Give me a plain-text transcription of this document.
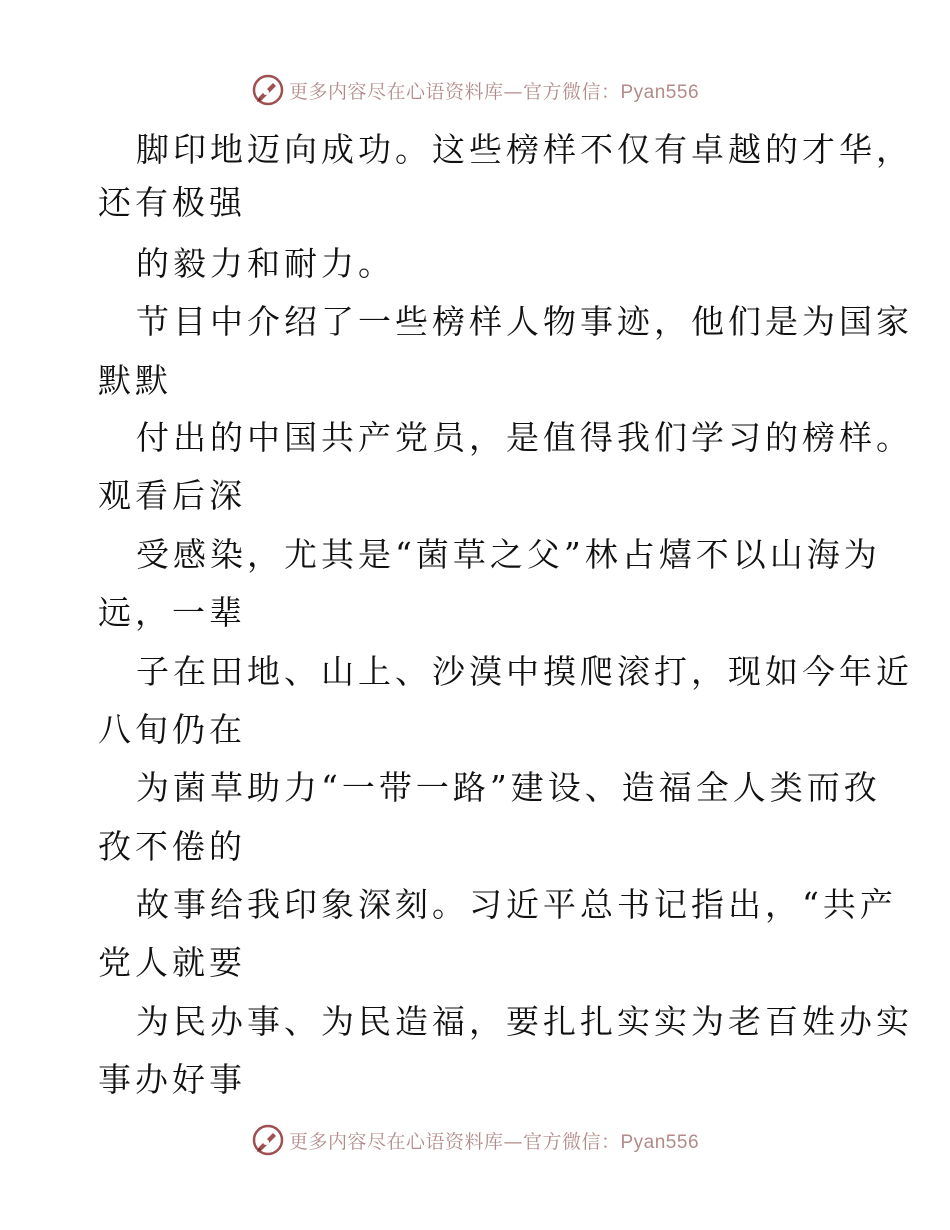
更多内容尽在心语资料库—官方微信：Pyan556
脚印地迈向成功。这些榜样不仅有卓越的才华，
还有极强
的毅力和耐力。
节目中介绍了一些榜样人物事迹，他们是为国家
默默
付出的中国共产党员，是值得我们学习的榜样。
观看后深
受感染，尤其是“菌草之父”林占熺不以山海为
远，一辈
子在田地、山上、沙漠中摸爬滚打，现如今年近
八旬仍在
为菌草助力“一带一路”建设、造福全人类而孜
孜不倦的
故事给我印象深刻。习近平总书记指出，“共产
党人就要
为民办事、为民造福，要扎扎实实为老百姓办实
事办好事
更多内容尽在心语资料库—官方微信：Pyan556
